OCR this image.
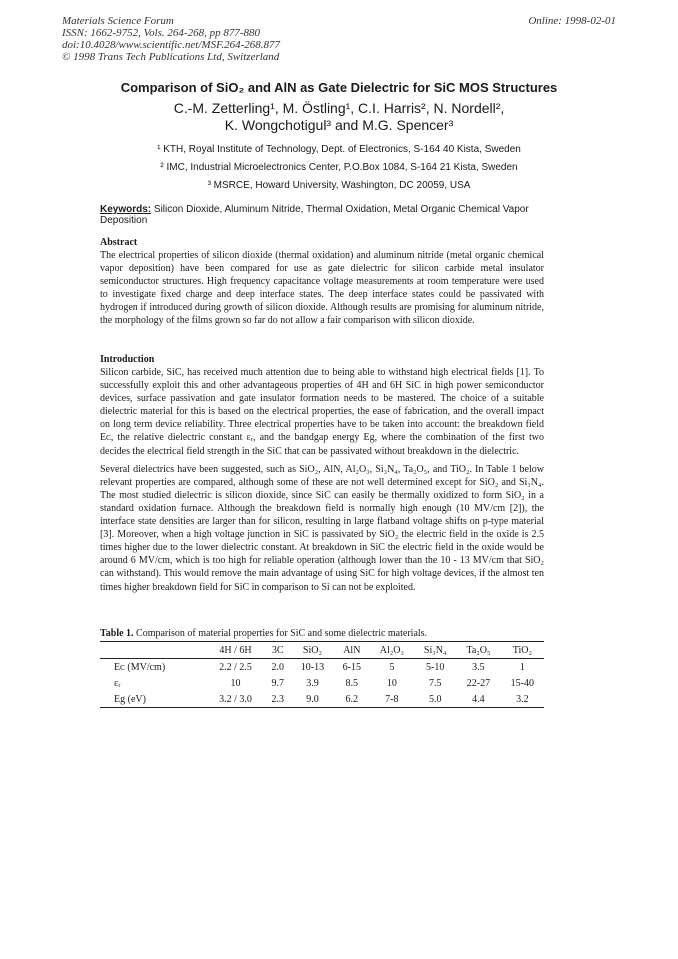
Materials Science Forum
ISSN: 1662-9752, Vols. 264-268, pp 877-880
doi:10.4028/www.scientific.net/MSF.264-268.877
© 1998 Trans Tech Publications Ltd, Switzerland
Online: 1998-02-01
Comparison of SiO₂ and AlN as Gate Dielectric for SiC MOS Structures
C.-M. Zetterling¹, M. Östling¹, C.I. Harris², N. Nordell²,
K. Wongchotigul³ and M.G. Spencer³
¹ KTH, Royal Institute of Technology, Dept. of Electronics, S-164 40 Kista, Sweden
² IMC, Industrial Microelectronics Center, P.O.Box 1084, S-164 21 Kista, Sweden
³ MSRCE, Howard University, Washington, DC 20059, USA
Keywords: Silicon Dioxide, Aluminum Nitride, Thermal Oxidation, Metal Organic Chemical Vapor Deposition
Abstract

The electrical properties of silicon dioxide (thermal oxidation) and aluminum nitride (metal organic chemical vapor deposition) have been compared for use as gate dielectric for silicon carbide metal insulator semiconductor structures. High frequency capacitance voltage measurements at room temperature were used to investigate fixed charge and deep interface states. The deep interface states could be passivated with hydrogen if introduced during growth of silicon dioxide. Although results are promising for aluminum nitride, the morphology of the films grown so far do not allow a fair comparison with silicon dioxide.

Introduction

Silicon carbide, SiC, has received much attention due to being able to withstand high electrical fields [1]. To successfully exploit this and other advantageous properties of 4H and 6H SiC in high power semiconductor devices, surface passivation and gate insulator formation needs to be mastered. The choice of a suitable dielectric material for this is based on the electrical properties, the ease of fabrication, and the overall impact on long term device reliability. Three electrical properties have to be taken into account: the breakdown field Eᴄ, the relative dielectric constant εᵣ, and the bandgap energy Eg, where the combination of the first two decides the electrical field strength in the SiC that can be passivated without breakdown in the dielectric.

Several dielectrics have been suggested, such as SiO₂, AlN, Al₂O₃, Si₃N₄, Ta₂O₅, and TiO₂. In Table 1 below relevant properties are compared, although some of these are not well determined except for SiO₂ and Si₃N₄. The most studied dielectric is silicon dioxide, since SiC can easily be thermally oxidized to form SiO₂ in a standard oxidation furnace. Although the breakdown field is normally high enough (10 MV/cm [2]), the interface state densities are larger than for silicon, resulting in large flatband voltage shifts on p-type material [3]. Moreover, when a high voltage junction in SiC is passivated by SiO₂ the electric field in the oxide is 2.5 times higher due to the lower dielectric constant. At breakdown in SiC the electric field in the oxide would be around 6 MV/cm, which is too high for reliable operation (although lower than the 10 - 13 MV/cm that SiO₂ can withstand). This would remove the main advantage of using SiC for high voltage devices, if the almost ten times higher breakdown field for SiC in comparison to Si can not be exploited.

Table 1. Comparison of material properties for SiC and some dielectric materials.
	4H / 6H	3C	SiO₂	AlN	Al₂O₃	Si₃N₄	Ta₂O₅	TiO₂
Eᴄ (MV/cm)	2.2 / 2.5	2.0	10-13	6-15	5	5-10	3.5	1
εᵣ	10	9.7	3.9	8.5	10	7.5	22-27	15-40
Eg (eV)	3.2 / 3.0	2.3	9.0	6.2	7-8	5.0	4.4	3.2
